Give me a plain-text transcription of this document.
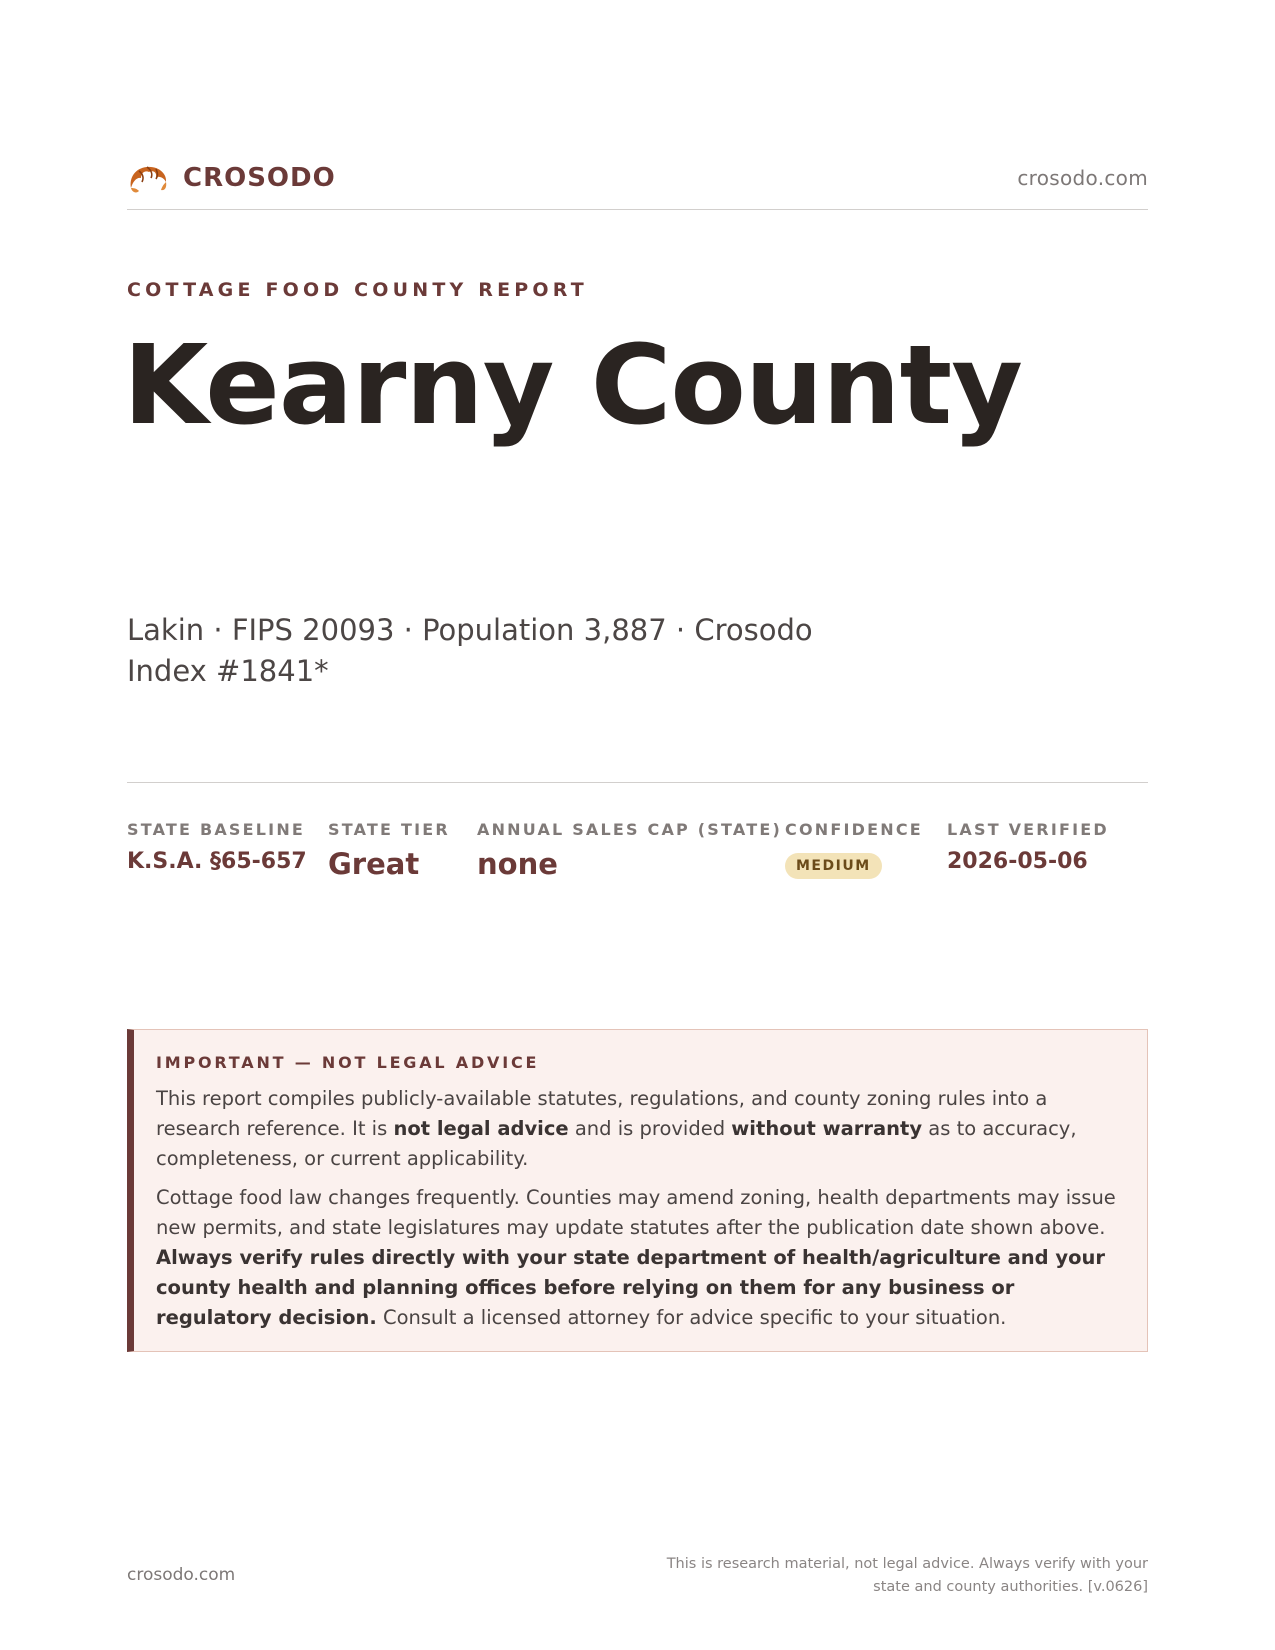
CROSODO	crosodo.com
COTTAGE FOOD COUNTY REPORT
Kearny County
Lakin · FIPS 20093 · Population 3,887 · Crosodo Index #1841*
STATE BASELINE
K.S.A. §65-657
STATE TIER
Great
ANNUAL SALES CAP (STATE)
none
CONFIDENCE
MEDIUM
LAST VERIFIED
2026-05-06
IMPORTANT — NOT LEGAL ADVICE

This report compiles publicly-available statutes, regulations, and county zoning rules into a research reference. It is not legal advice and is provided without warranty as to accuracy, completeness, or current applicability.

Cottage food law changes frequently. Counties may amend zoning, health departments may issue new permits, and state legislatures may update statutes after the publication date shown above. Always verify rules directly with your state department of health/agriculture and your county health and planning offices before relying on them for any business or regulatory decision. Consult a licensed attorney for advice specific to your situation.

crosodo.com
This is research material, not legal advice. Always verify with your state and county authorities. [v.0626]
